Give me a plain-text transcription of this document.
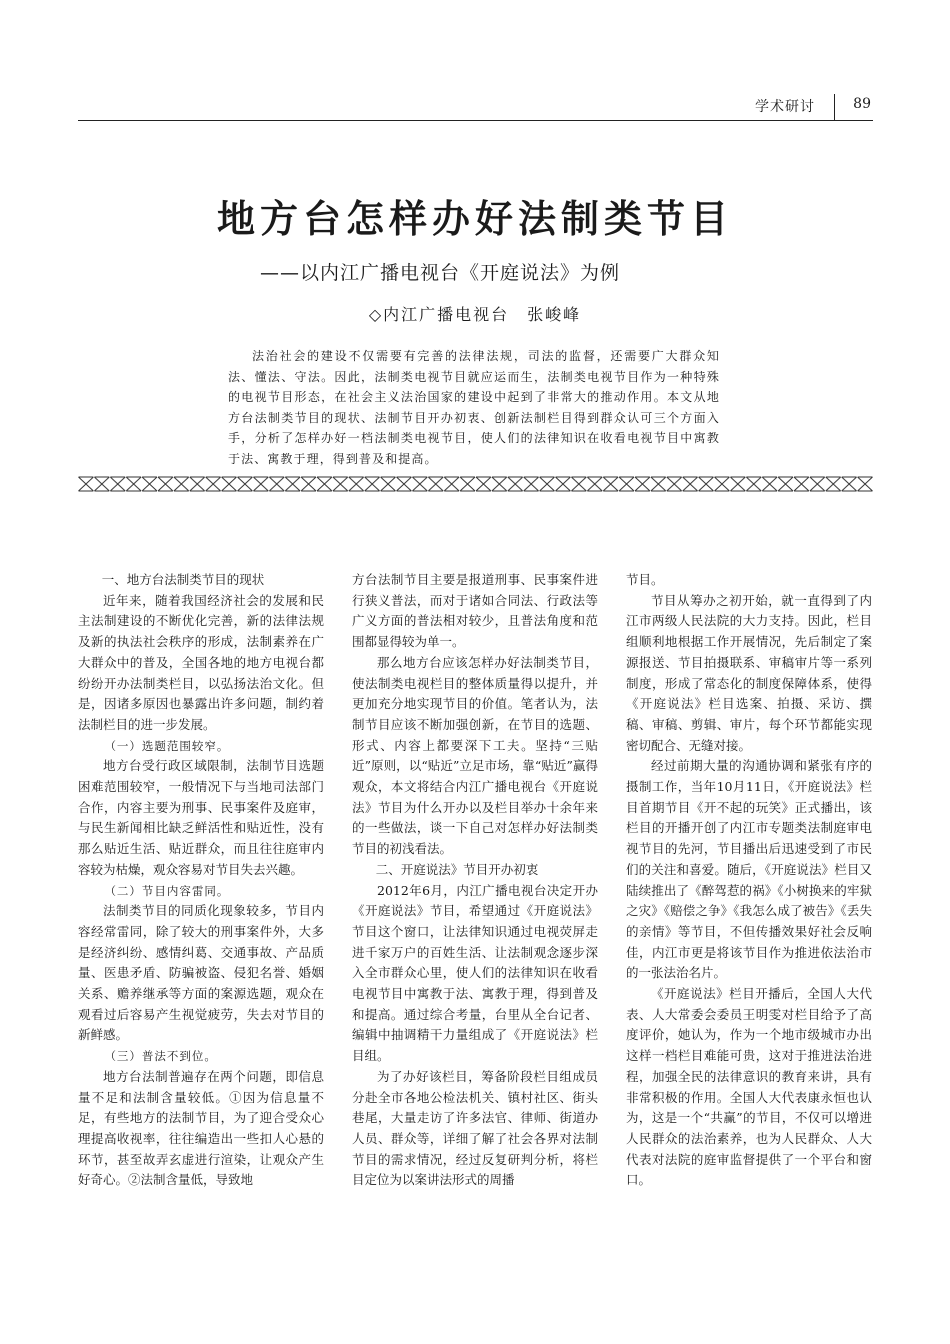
学术研讨	89
地方台怎样办好法制类节目
——以内江广播电视台《开庭说法》为例
◇内江广播电视台　张峻峰

法治社会的建设不仅需要有完善的法律法规，司法的监督，还需要广大群众知法、懂法、守法。因此，法制类电视节目就应运而生，法制类电视节目作为一种特殊的电视节目形态，在社会主义法治国家的建设中起到了非常大的推动作用。本文从地方台法制类节目的现状、法制节目开办初衷、创新法制栏目得到群众认可三个方面入手，分析了怎样办好一档法制类电视节目，使人们的法律知识在收看电视节目中寓教于法、寓教于理，得到普及和提高。

一、地方台法制类节目的现状

近年来，随着我国经济社会的发展和民主法制建设的不断优化完善，新的法律法规及新的执法社会秩序的形成，法制素养在广大群众中的普及，全国各地的地方电视台都纷纷开办法制类栏目，以弘扬法治文化。但是，因诸多原因也暴露出许多问题，制约着法制栏目的进一步发展。

（一）选题范围较窄。

地方台受行政区域限制，法制节目选题困难范围较窄，一般情况下与当地司法部门合作，内容主要为刑事、民事案件及庭审，与民生新闻相比缺乏鲜活性和贴近性，没有那么贴近生活、贴近群众，而且往往庭审内容较为枯燥，观众容易对节目失去兴趣。

（二）节目内容雷同。

法制类节目的同质化现象较多，节目内容经常雷同，除了较大的刑事案件外，大多是经济纠纷、感情纠葛、交通事故、产品质量、医患矛盾、防骗被盗、侵犯名誉、婚姻关系、赡养继承等方面的案源选题，观众在观看过后容易产生视觉疲劳，失去对节目的新鲜感。

（三）普法不到位。

地方台法制普遍存在两个问题，即信息量不足和法制含量较低。①因为信息量不足，有些地方的法制节目，为了迎合受众心理提高收视率，往往编造出一些扣人心悬的环节，甚至故弄玄虚进行渲染，让观众产生好奇心。②法制含量低，导致地

方台法制节目主要是报道刑事、民事案件进行狭义普法，而对于诸如合同法、行政法等广义方面的普法相对较少，且普法角度和范围都显得较为单一。

那么地方台应该怎样办好法制类节目，使法制类电视栏目的整体质量得以提升，并更加充分地实现节目的价值。笔者认为，法制节目应该不断加强创新，在节目的选题、形式、内容上都要深下工夫。坚持“三贴近”原则，以“贴近”立足市场，靠“贴近”赢得观众，本文将结合内江广播电视台《开庭说法》节目为什么开办以及栏目举办十余年来的一些做法，谈一下自己对怎样办好法制类节目的初浅看法。

二、开庭说法》节目开办初衷

2012年6月，内江广播电视台决定开办《开庭说法》节目，希望通过《开庭说法》节目这个窗口，让法律知识通过电视荧屏走进千家万户的百姓生活、让法制观念逐步深入全市群众心里，使人们的法律知识在收看电视节目中寓教于法、寓教于理，得到普及和提高。通过综合考量，台里从全台记者、编辑中抽调精干力量组成了《开庭说法》栏目组。

为了办好该栏目，筹备阶段栏目组成员分赴全市各地公检法机关、镇村社区、街头巷尾，大量走访了许多法官、律师、街道办人员、群众等，详细了解了社会各界对法制节目的需求情况，经过反复研判分析，将栏目定位为以案讲法形式的周播

节目。

节目从筹办之初开始，就一直得到了内江市两级人民法院的大力支持。因此，栏目组顺利地根据工作开展情况，先后制定了案源报送、节目拍摄联系、审稿审片等一系列制度，形成了常态化的制度保障体系，使得《开庭说法》栏目选案、拍摄、采访、撰稿、审稿、剪辑、审片，每个环节都能实现密切配合、无缝对接。

经过前期大量的沟通协调和紧张有序的摄制工作，当年10月11日，《开庭说法》栏目首期节目《开不起的玩笑》正式播出，该栏目的开播开创了内江市专题类法制庭审电视节目的先河，节目播出后迅速受到了市民们的关注和喜爱。随后，《开庭说法》栏目又陆续推出了《醉驾惹的祸》《小树换来的牢狱之灾》《赔偿之争》《我怎么成了被告》《丢失的亲情》等节目，不但传播效果好社会反响佳，内江市更是将该节目作为推进依法治市的一张法治名片。

《开庭说法》栏目开播后，全国人大代表、人大常委会委员王明雯对栏目给予了高度评价，她认为，作为一个地市级城市办出这样一档栏目难能可贵，这对于推进法治进程，加强全民的法律意识的教育来讲，具有非常积极的作用。全国人大代表康永恒也认为，这是一个“共赢”的节目，不仅可以增进人民群众的法治素养，也为人民群众、人大代表对法院的庭审监督提供了一个平台和窗口。
